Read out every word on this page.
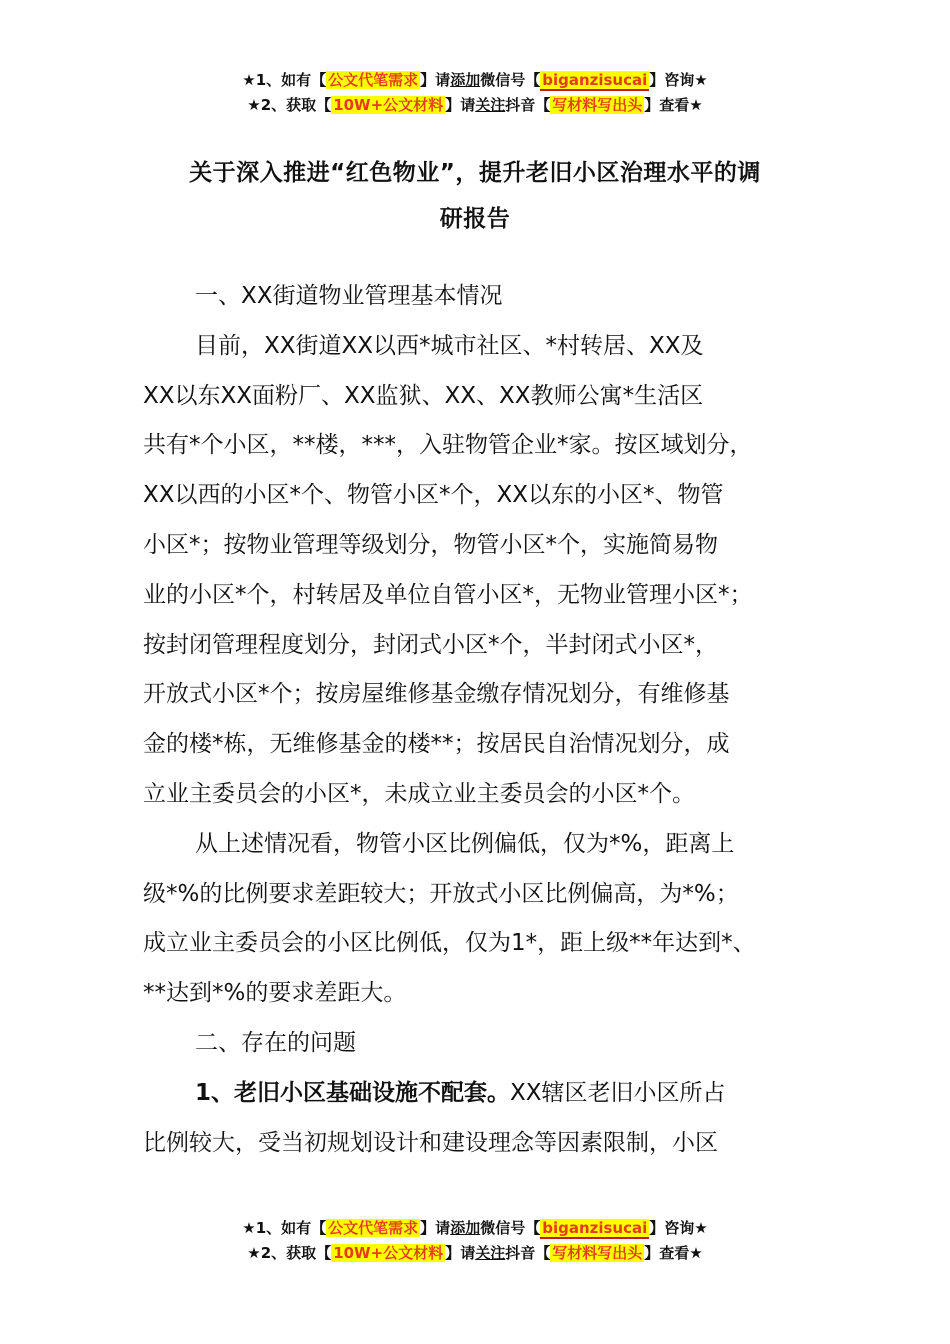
★1、如有【 公文代笔需求 】请添加微信号【 biganzisucai 】咨询★
★2、获取【 10W+公文材料 】请关注抖音【 写材料写出头 】查看★
关于深入推进“红色物业”，提升老旧小区治理水平的调
研报告
一、XX街道物业管理基本情况
目前，XX街道XX以西*城市社区、*村转居、XX及
XX以东XX面粉厂、XX监狱、XX、XX教师公寓*生活区
共有*个小区，**楼，***，入驻物管企业*家。按区域划分，
XX以西的小区*个、物管小区*个，XX以东的小区*、物管
小区*；按物业管理等级划分，物管小区*个，实施简易物
业的小区*个，村转居及单位自管小区*，无物业管理小区*；
按封闭管理程度划分，封闭式小区*个，半封闭式小区*，
开放式小区*个；按房屋维修基金缴存情况划分，有维修基
金的楼*栋，无维修基金的楼**；按居民自治情况划分，成
立业主委员会的小区*，未成立业主委员会的小区*个。
从上述情况看，物管小区比例偏低，仅为*%，距离上
级*%的比例要求差距较大；开放式小区比例偏高，为*%；
成立业主委员会的小区比例低，仅为1*，距上级**年达到*、
**达到*%的要求差距大。
二、存在的问题
1、老旧小区基础设施不配套。XX辖区老旧小区所占
比例较大，受当初规划设计和建设理念等因素限制，小区
★1、如有【 公文代笔需求 】请添加微信号【 biganzisucai 】咨询★
★2、获取【 10W+公文材料 】请关注抖音【 写材料写出头 】查看★
